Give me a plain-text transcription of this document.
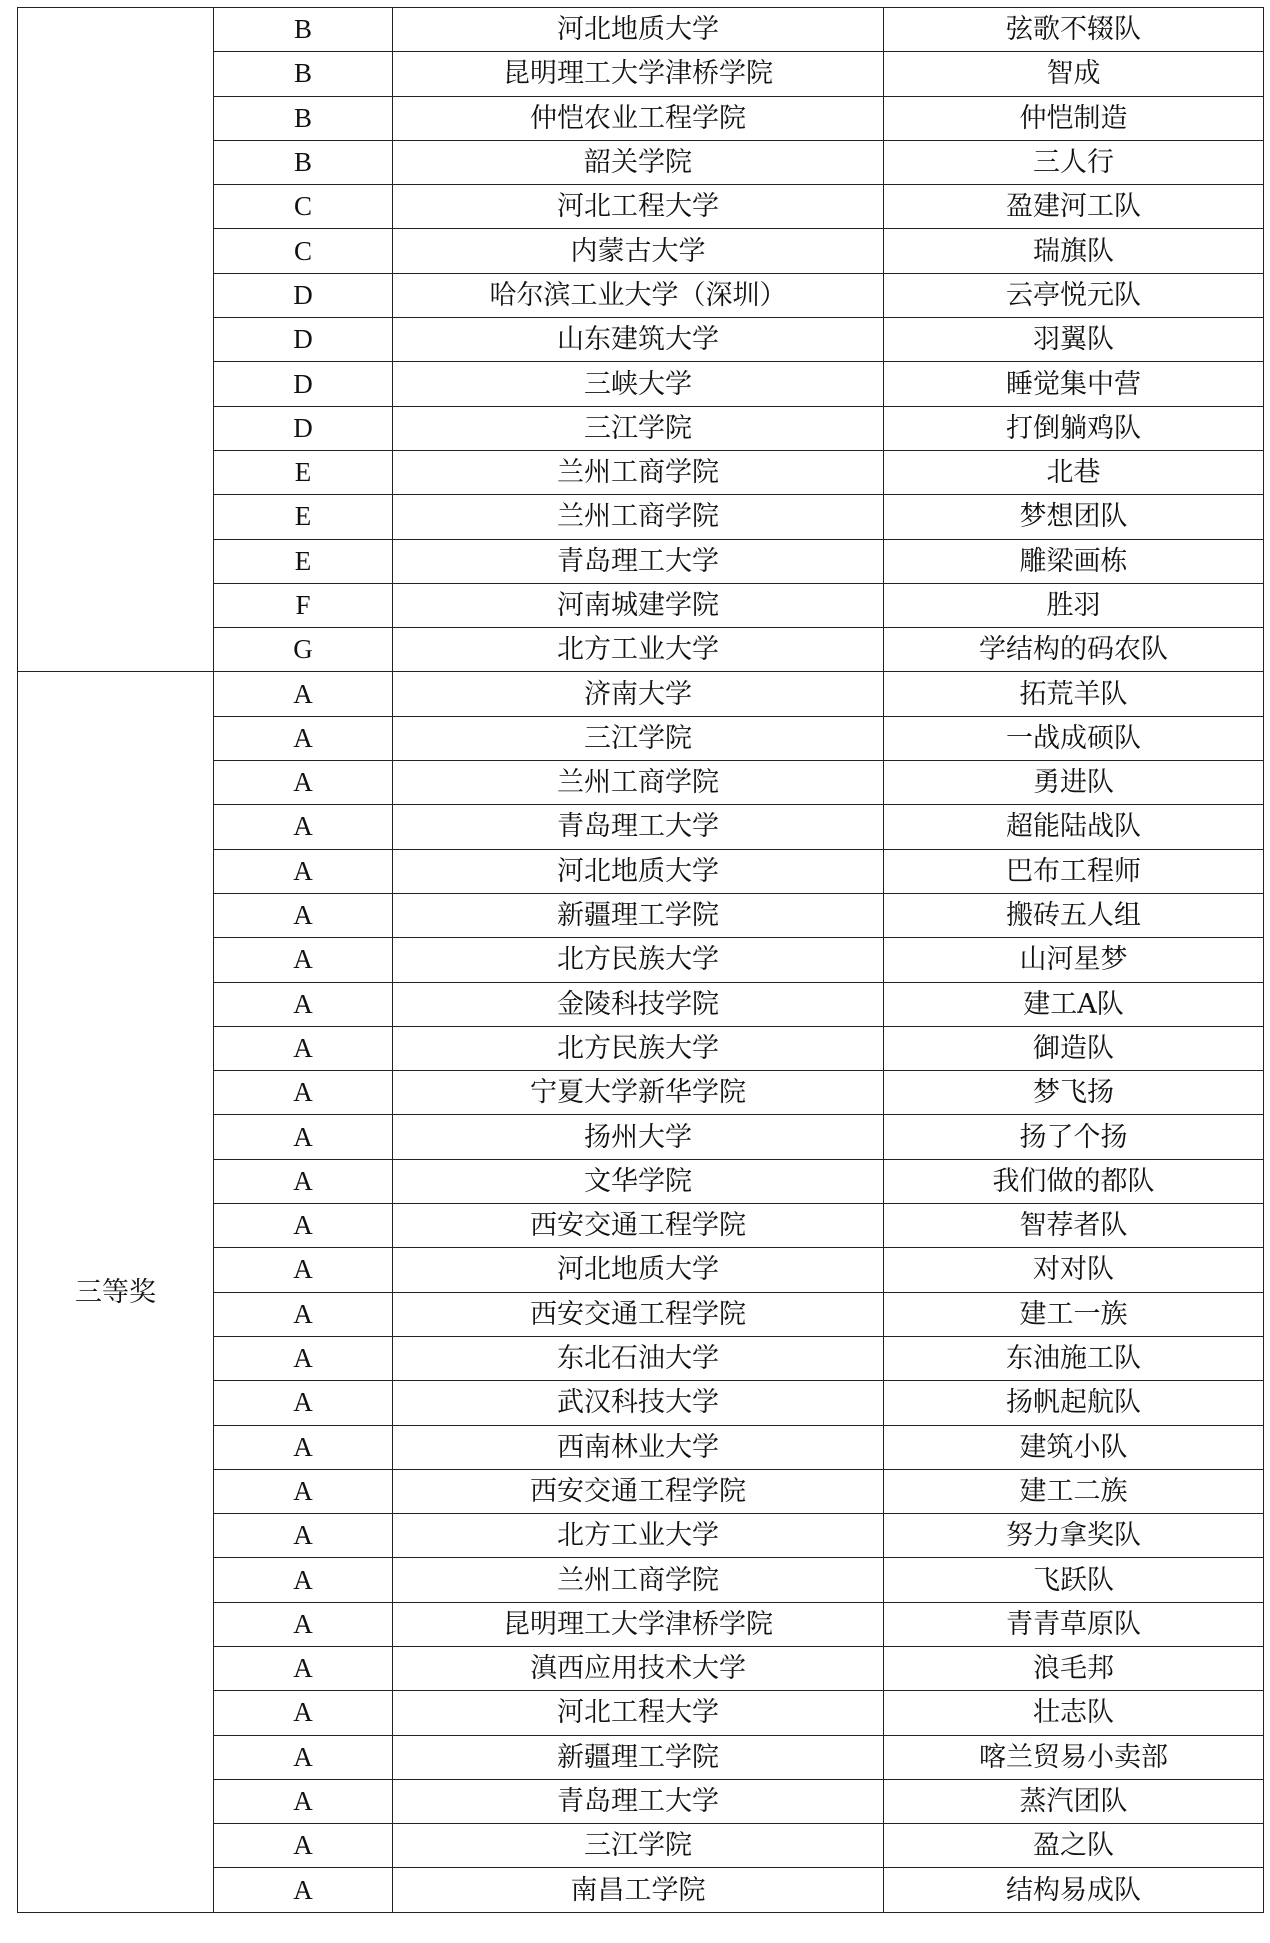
	B	河北地质大学	弦歌不辍队
	B	昆明理工大学津桥学院	智成
	B	仲恺农业工程学院	仲恺制造
	B	韶关学院	三人行
	C	河北工程大学	盈建河工队
	C	内蒙古大学	瑞旗队
	D	哈尔滨工业大学（深圳）	云亭悦元队
	D	山东建筑大学	羽翼队
	D	三峡大学	睡觉集中营
	D	三江学院	打倒躺鸡队
	E	兰州工商学院	北巷
	E	兰州工商学院	梦想团队
	E	青岛理工大学	雕梁画栋
	F	河南城建学院	胜羽
	G	北方工业大学	学结构的码农队
三等奖	A	济南大学	拓荒羊队
	A	三江学院	一战成硕队
	A	兰州工商学院	勇进队
	A	青岛理工大学	超能陆战队
	A	河北地质大学	巴布工程师
	A	新疆理工学院	搬砖五人组
	A	北方民族大学	山河星梦
	A	金陵科技学院	建工A队
	A	北方民族大学	御造队
	A	宁夏大学新华学院	梦飞扬
	A	扬州大学	扬了个扬
	A	文华学院	我们做的都队
	A	西安交通工程学院	智荐者队
	A	河北地质大学	对对队
	A	西安交通工程学院	建工一族
	A	东北石油大学	东油施工队
	A	武汉科技大学	扬帆起航队
	A	西南林业大学	建筑小队
	A	西安交通工程学院	建工二族
	A	北方工业大学	努力拿奖队
	A	兰州工商学院	飞跃队
	A	昆明理工大学津桥学院	青青草原队
	A	滇西应用技术大学	浪毛邦
	A	河北工程大学	壮志队
	A	新疆理工学院	喀兰贸易小卖部
	A	青岛理工大学	蒸汽团队
	A	三江学院	盈之队
	A	南昌工学院	结构易成队
